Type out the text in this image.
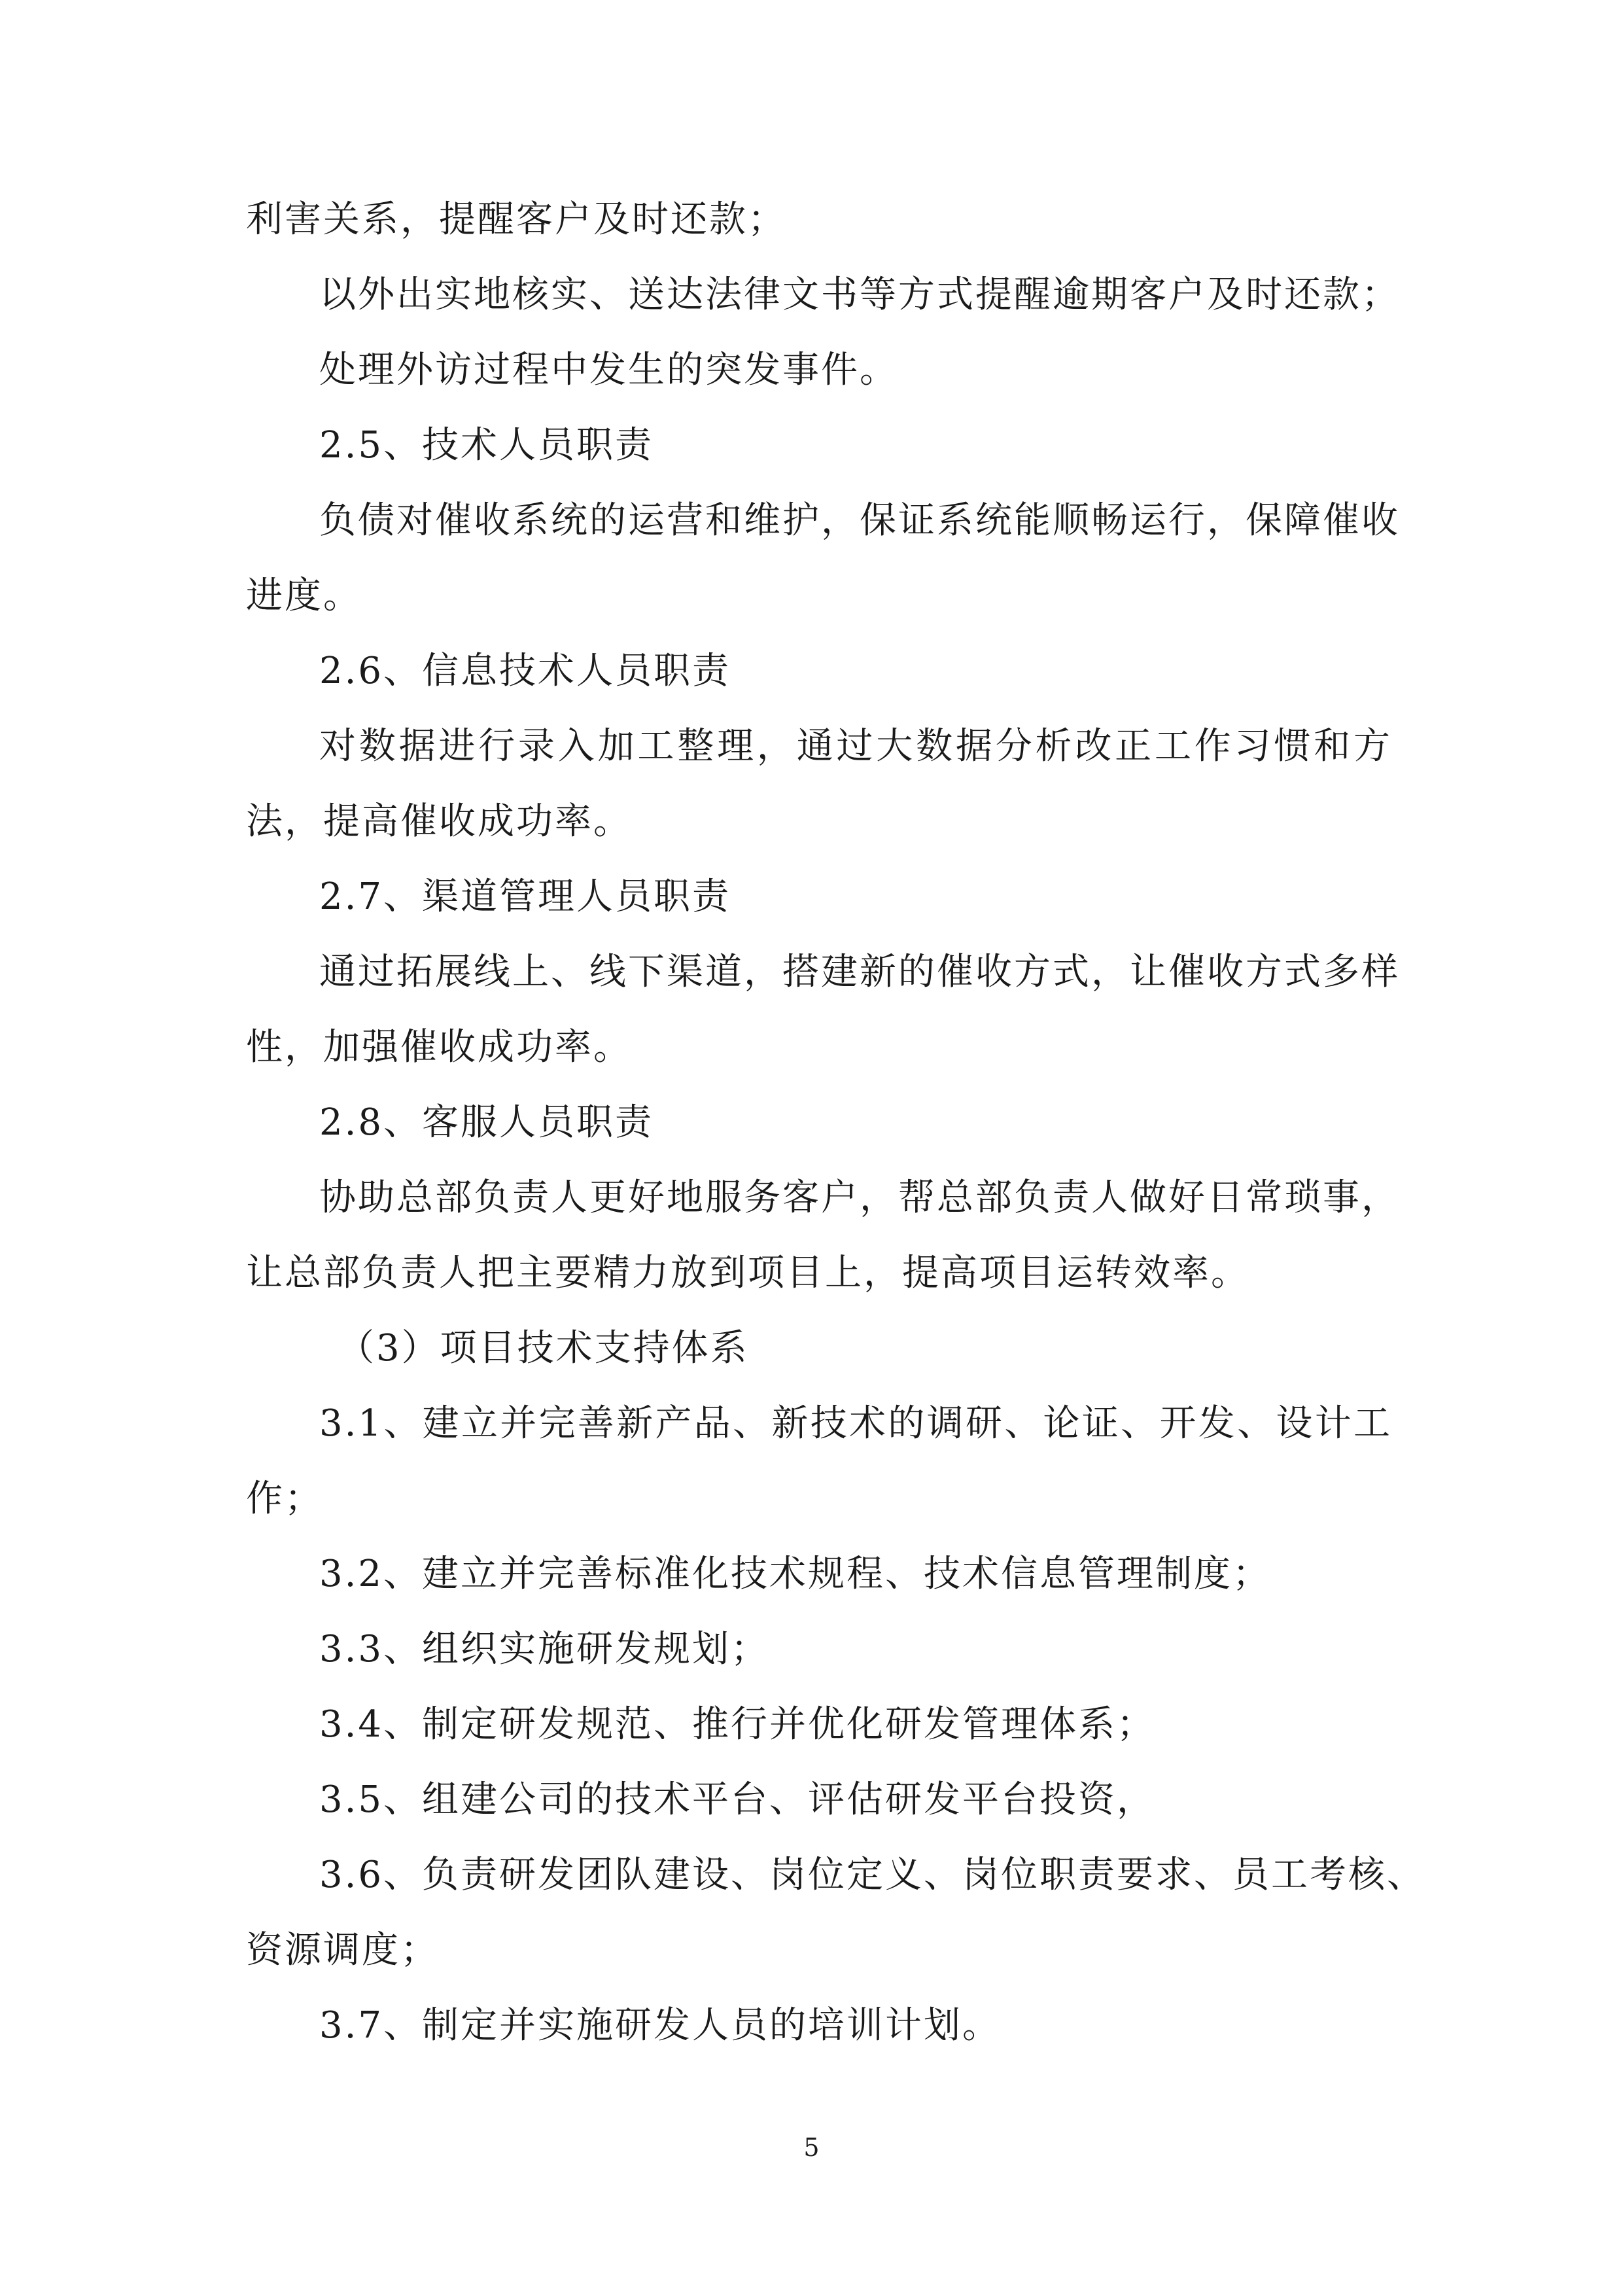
利害关系，提醒客户及时还款；
以外出实地核实、送达法律文书等方式提醒逾期客户及时还款；
处理外访过程中发生的突发事件。
2.5、技术人员职责
负债对催收系统的运营和维护，保证系统能顺畅运行，保障催收
进度。
2.6、信息技术人员职责
对数据进行录入加工整理，通过大数据分析改正工作习惯和方
法，提高催收成功率。
2.7、渠道管理人员职责
通过拓展线上、线下渠道，搭建新的催收方式，让催收方式多样
性，加强催收成功率。
2.8、客服人员职责
协助总部负责人更好地服务客户，帮总部负责人做好日常琐事，
让总部负责人把主要精力放到项目上，提高项目运转效率。
（3）项目技术支持体系
3.1、建立并完善新产品、新技术的调研、论证、开发、设计工
作；
3.2、建立并完善标准化技术规程、技术信息管理制度；
3.3、组织实施研发规划；
3.4、制定研发规范、推行并优化研发管理体系；
3.5、组建公司的技术平台、评估研发平台投资，
3.6、负责研发团队建设、岗位定义、岗位职责要求、员工考核、
资源调度；
3.7、制定并实施研发人员的培训计划。
5
